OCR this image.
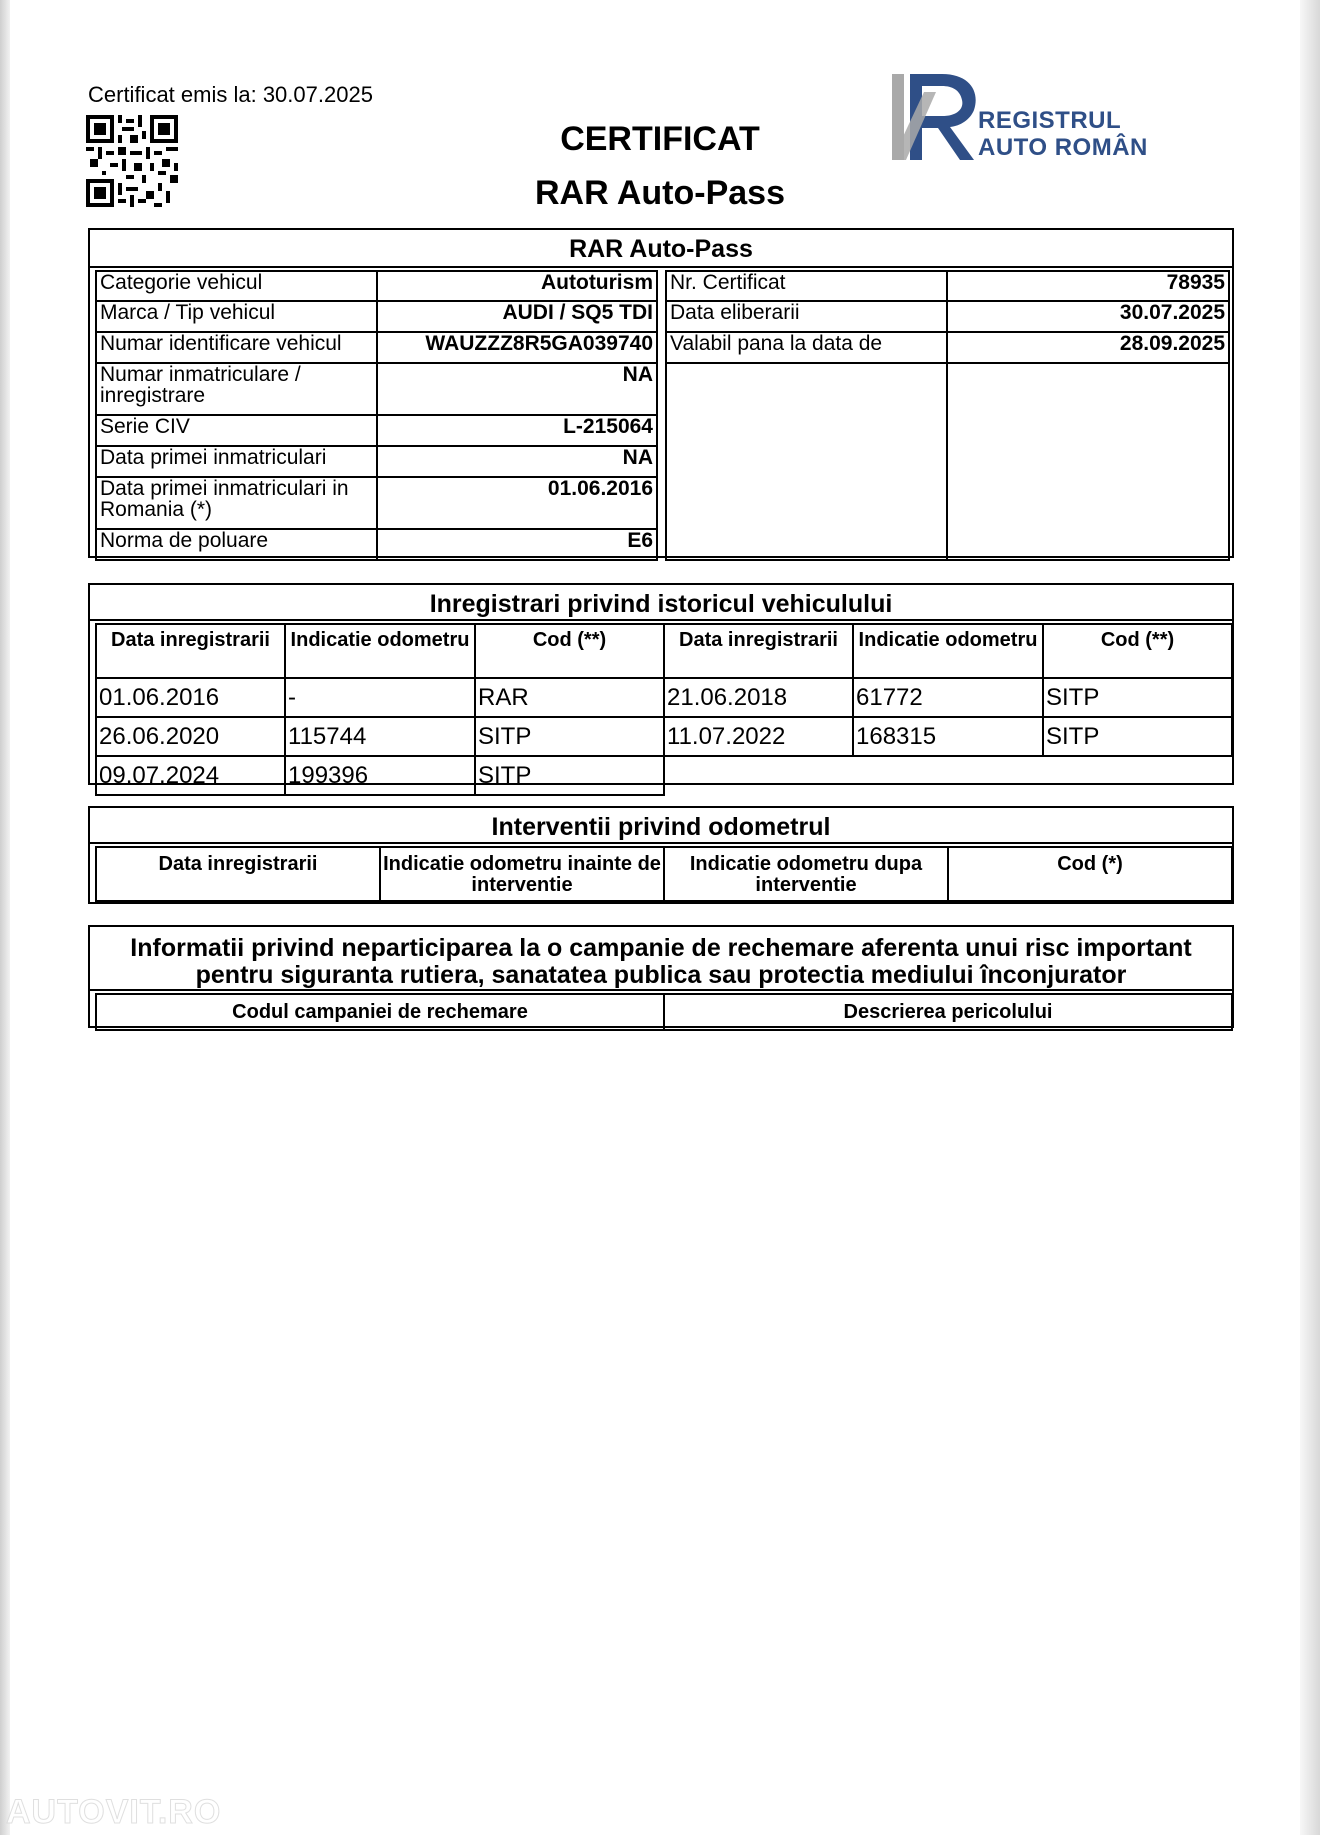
Certificat emis la: 30.07.2025
CERTIFICAT
RAR Auto-Pass
REGISTRUL
AUTO ROMÂN
RAR Auto-Pass
Categorie vehicul	Autoturism
Marca / Tip vehicul	AUDI / SQ5 TDI
Numar identificare vehicul	WAUZZZ8R5GA039740
Numar inmatriculare / inregistrare	NA
Serie CIV	L-215064
Data primei inmatriculari	NA
Data primei inmatriculari in Romania (*)	01.06.2016
Norma de poluare	E6
Nr. Certificat	78935
Data eliberarii	30.07.2025
Valabil pana la data de	28.09.2025

Inregistrari privind istoricul vehiculului
Data inregistrarii	Indicatie odometru	Cod (**)	Data inregistrarii	Indicatie odometru	Cod (**)
01.06.2016	-	RAR	21.06.2018	61772	SITP
26.06.2020	115744	SITP	11.07.2022	168315	SITP
09.07.2024	199396	SITP			
Interventii privind odometrul
Data inregistrarii	Indicatie odometru inainte de interventie	Indicatie odometru dupa interventie	Cod (*)
Informatii privind neparticiparea la o campanie de rechemare aferenta unui risc important pentru siguranta rutiera, sanatatea publica sau protectia mediului înconjurator
Codul campaniei de rechemare	Descrierea pericolului
AUTOVIT.RO
